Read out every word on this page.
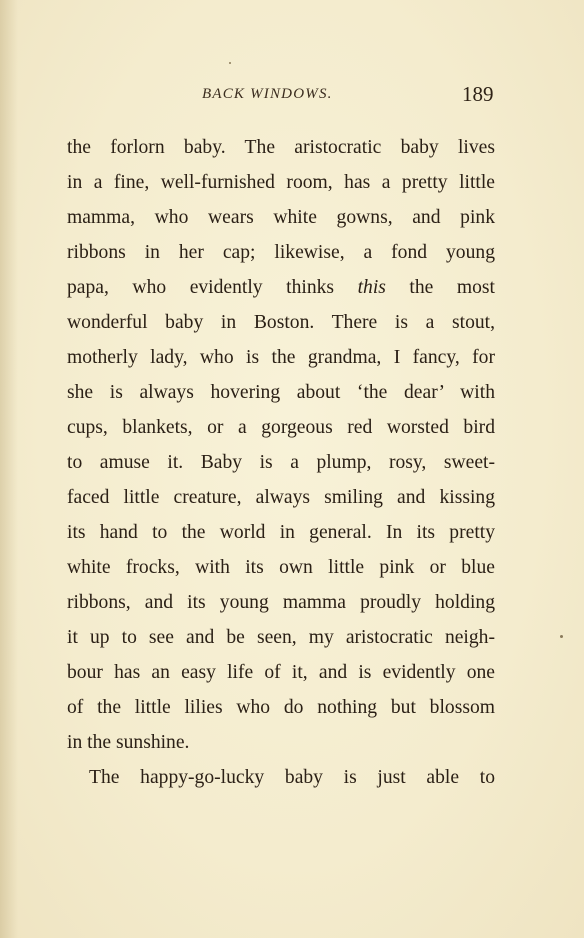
BACK WINDOWS.	189
the forlorn baby. The aristocratic baby lives
in a fine, well-furnished room, has a pretty little
mamma, who wears white gowns, and pink
ribbons in her cap; likewise, a fond young
papa, who evidently thinks this the most
wonderful baby in Boston. There is a stout,
motherly lady, who is the grandma, I fancy, for
she is always hovering about ‘the dear’ with
cups, blankets, or a gorgeous red worsted bird
to amuse it. Baby is a plump, rosy, sweet-
faced little creature, always smiling and kissing
its hand to the world in general. In its pretty
white frocks, with its own little pink or blue
ribbons, and its young mamma proudly holding
it up to see and be seen, my aristocratic neigh-
bour has an easy life of it, and is evidently one
of the little lilies who do nothing but blossom
in the sunshine.
The happy-go-lucky baby is just able to
